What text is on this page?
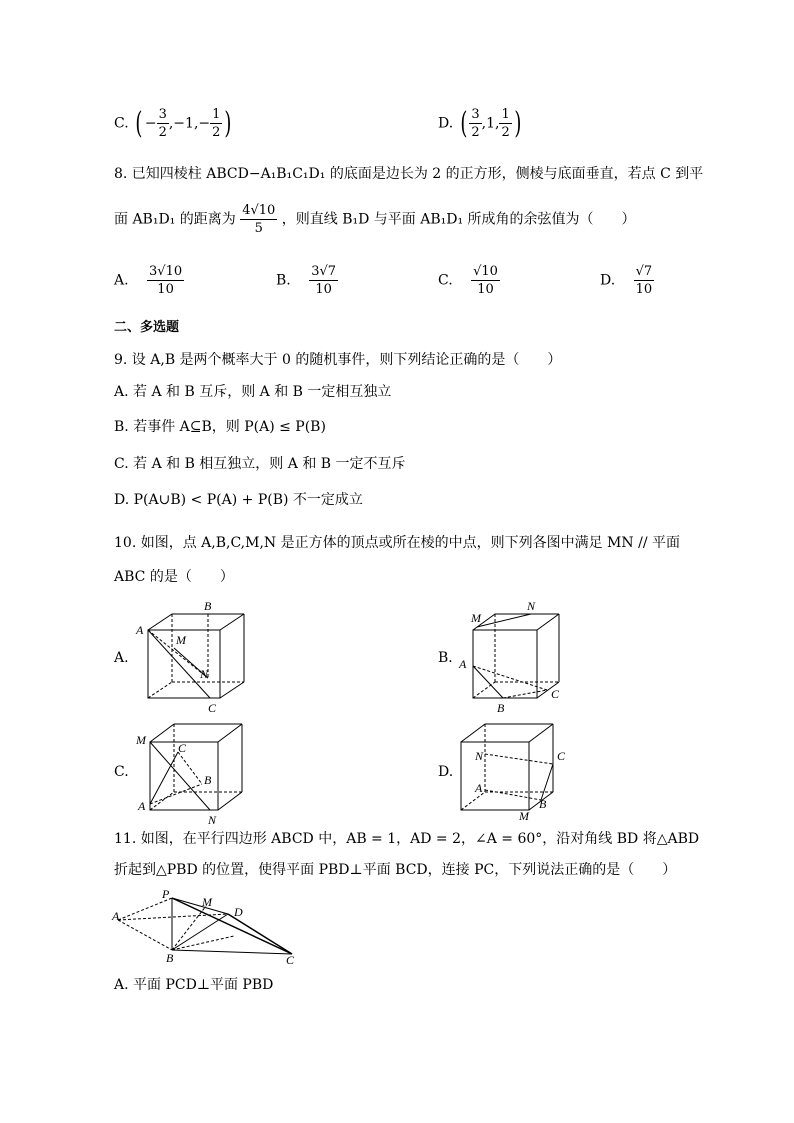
C. ( − $\frac{3}{2} ,-1,- \frac{1}{2}$ )	D. ( $\frac{3}{2} ,1$, $\frac{1}{2}$ )
8. 已知四棱柱 ABCD−A₁B₁C₁D₁ 的底面是边长为 2 的正方形，侧棱与底面垂直，若点 C 到平
面 AB₁D₁ 的距离为 $\frac{4√10}{5}$ ，则直线 B₁D 与平面 AB₁D₁ 所成角的余弦值为（　　）
A. $\frac{3√10}{10}$	B. $\frac{3√7}{10}$	C. $\frac{√10}{10}$	D. $\frac{√7}{10}$
二、多选题
9. 设 A,B 是两个概率大于 0 的随机事件，则下列结论正确的是（　　）
A. 若 A 和 B 互斥，则 A 和 B 一定相互独立
B. 若事件 A⊆B，则 P(A) ≤ P(B)
C. 若 A 和 B 相互独立，则 A 和 B 一定不互斥
D. P(A∪B) < P(A) + P(B) 不一定成立
10. 如图，点 A,B,C,M,N 是正方体的顶点或所在棱的中点，则下列各图中满足 MN // 平面
ABC 的是（　　）
A.	B.
C.	D.
A
B
M
N
C
M
N
A
B
C
M
C
B
A
N
N	C
A
B
M
11. 如图，在平行四边形 ABCD 中，AB = 1，AD = 2，∠A = 60°，沿对角线 BD 将△ABD
折起到△PBD 的位置，使得平面 PBD⊥平面 BCD，连接 PC，下列说法正确的是（　　）
P
M
D
A
B	C
A. 平面 PCD⊥平面 PBD
